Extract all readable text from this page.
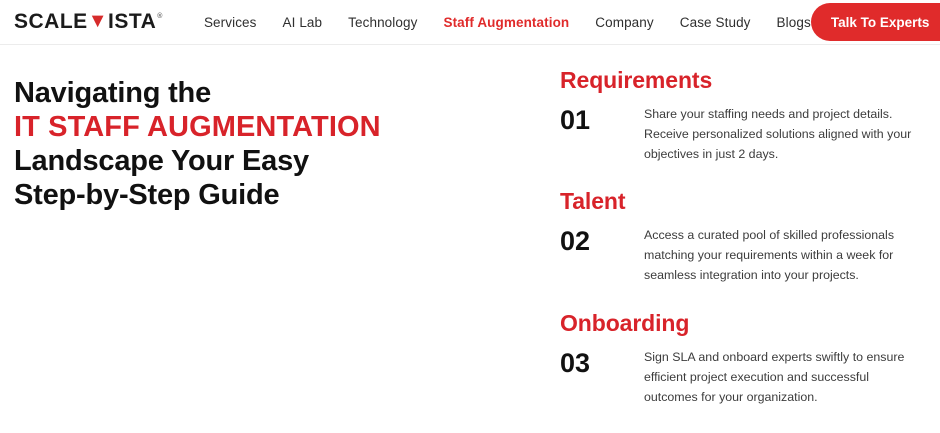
SCALE ▼ ISTA ®	Services AI Lab Technology Staff Augmentation Company Case Study Blogs Talk To Experts
Navigating the
IT STAFF AUGMENTATION
Landscape Your Easy
Step-by-Step Guide
Requirements
01	Share your staffing needs and project details. Receive personalized solutions aligned with your objectives in just 2 days.
Talent
02	Access a curated pool of skilled professionals matching your requirements within a week for seamless integration into your projects.
Onboarding
03	Sign SLA and onboard experts swiftly to ensure efficient project execution and successful outcomes for your organization.
